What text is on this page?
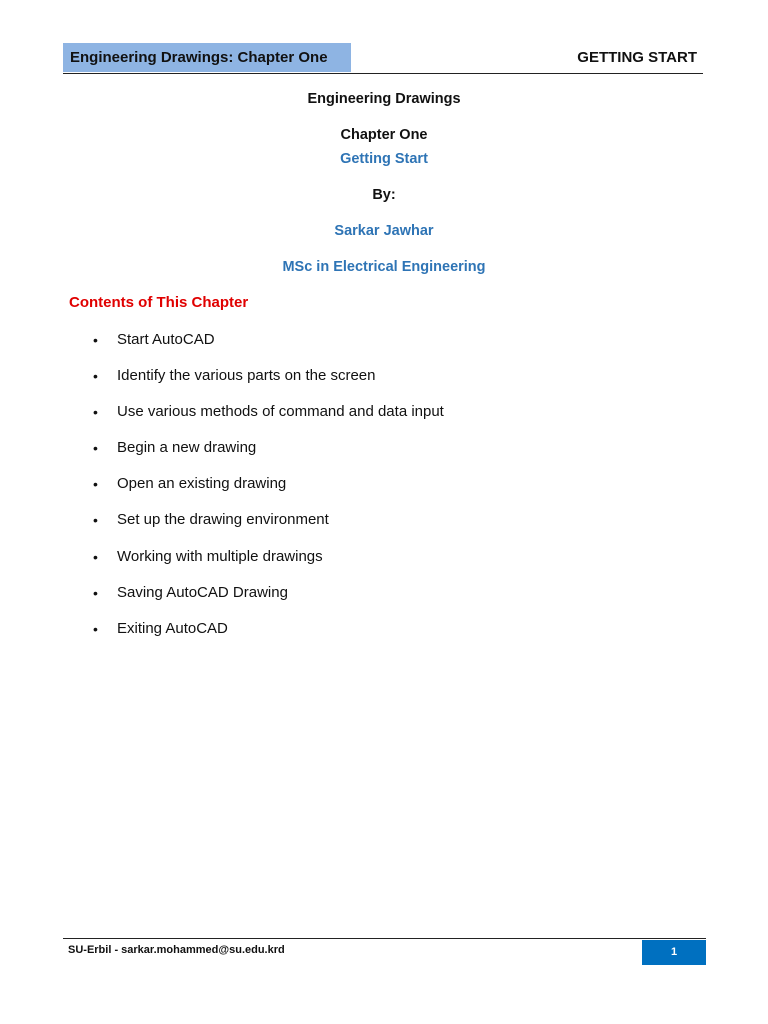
Engineering Drawings: Chapter One	GETTING START
Engineering Drawings
Chapter One
Getting Start
By:
Sarkar Jawhar
MSc in Electrical Engineering
Contents of This Chapter
• Start AutoCAD
• Identify the various parts on the screen
• Use various methods of command and data input
• Begin a new drawing
• Open an existing drawing
• Set up the drawing environment
• Working with multiple drawings
• Saving AutoCAD Drawing
• Exiting AutoCAD
SU-Erbil - sarkar.mohammed@su.edu.krd	1
